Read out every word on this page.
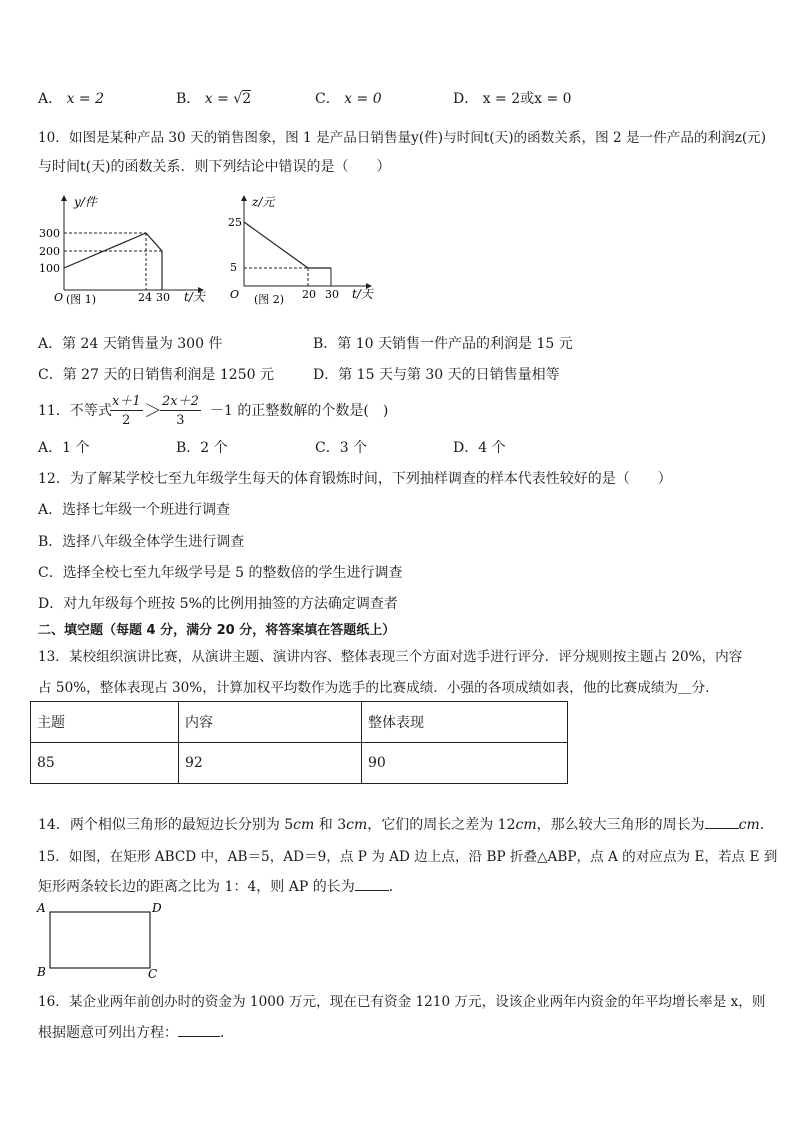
A． x = 2	B． x = √2	C． x = 0	D． x = 2或x = 0
10．如图是某种产品 30 天的销售图象，图 1 是产品日销售量y(件)与时间t(天)的函数关系，图 2 是一件产品的利润z(元)
与时间t(天)的函数关系．则下列结论中错误的是（　　）
y/件
300
200
100
O (图 1)	24 30 t/天
z/元
25
5
O (图 2) 20 30 t/天
A．第 24 天销售量为 300 件	B．第 10 天销售一件产品的利润是 15 元
C．第 27 天的日销售利润是 1250 元	D．第 15 天与第 30 天的日销售量相等
11．不等式
$\frac{x+1}{2}$ ＞
$\frac{2x+2}{3} -1$ 的正整数解的个数是(　)
A．1 个	B．2 个	C．3 个	D．4 个
12．为了解某学校七至九年级学生每天的体育锻炼时间，下列抽样调查的样本代表性较好的是（　　）
A．选择七年级一个班进行调查
B．选择八年级全体学生进行调查
C．选择全校七至九年级学号是 5 的整数倍的学生进行调查
D．对九年级每个班按 5%的比例用抽签的方法确定调查者
二、填空题（每题 4 分，满分 20 分，将答案填在答题纸上）
13．某校组织演讲比赛，从演讲主题、演讲内容、整体表现三个方面对选手进行评分．评分规则按主题占 20%，内容
占 50%，整体表现占 30%，计算加权平均数作为选手的比赛成绩．小强的各项成绩如表，他的比赛成绩为＿分．
主题	内容	整体表现
85	92	90
14．两个相似三角形的最短边长分别为 5cm 和 3cm，它们的周长之差为 12cm，那么较大三角形的周长为 cm．
15．如图，在矩形 ABCD 中，AB＝5，AD＝9，点 P 为 AD 边上点，沿 BP 折叠△ABP，点 A 的对应点为 E，若点 E 到
矩形两条较长边的距离之比为 1：4，则 AP 的长为 ．
A	D
B	C
16．某企业两年前创办时的资金为 1000 万元，现在已有资金 1210 万元，设该企业两年内资金的年平均增长率是 x，则
根据题意可列出方程：	．
